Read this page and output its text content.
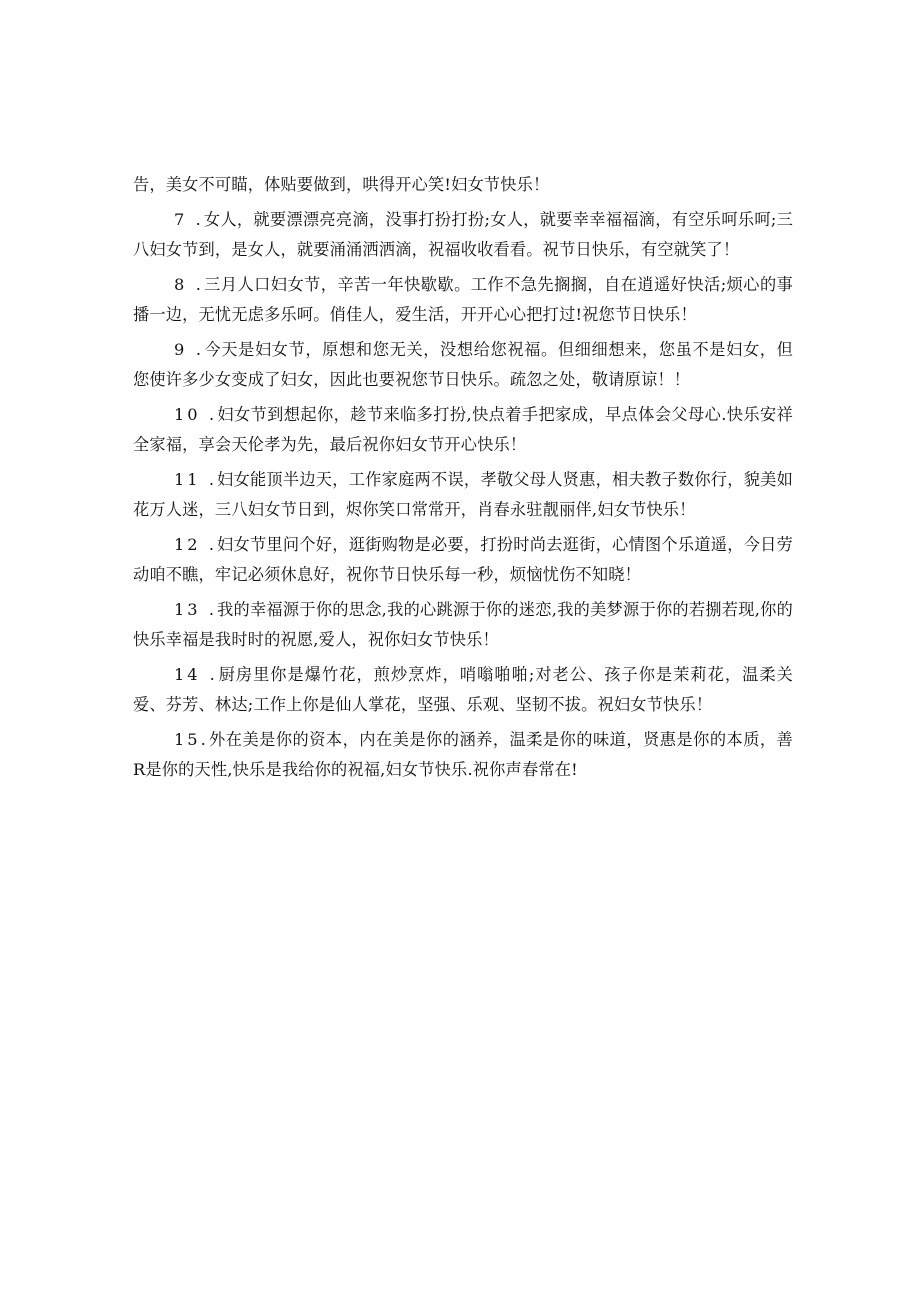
告，美女不可瞄，体贴要做到，哄得开心笑!妇女节快乐！

7 .女人，就要漂漂亮亮滴，没事打扮打扮;女人，就要幸幸福福滴，有空乐呵乐呵;三八妇女节到，是女人，就要涌涌洒洒滴，祝福收收看看。祝节日快乐，有空就笑了！

8 .三月人口妇女节，辛苦一年快歇歇。工作不急先搁搁，自在逍遥好快活;烦心的事播一边，无忧无虑多乐呵。俏佳人，爱生活，开开心心把打过!祝您节日快乐！

9 .今天是妇女节，原想和您无关，没想给您祝福。但细细想来，您虽不是妇女，但您使许多少女变成了妇女，因此也要祝您节日快乐。疏忽之处，敬请原谅！！

10 .妇女节到想起你，趁节来临多打扮,快点着手把家成，早点体会父母心.快乐安祥全家福，享会天伦孝为先，最后祝你妇女节开心快乐！

11 .妇女能顶半边天，工作家庭两不误，孝敬父母人贤惠，相夫教子数你行，貌美如花万人迷，三八妇女节日到，烬你笑口常常开，肖春永驻靓丽伴,妇女节快乐！

12 .妇女节里问个好，逛街购物是必要，打扮时尚去逛街，心情图个乐道遥，今日劳动咱不瞧，牢记必须休息好，祝你节日快乐每一秒，烦恼忧伤不知晓！

13 .我的幸福源于你的思念,我的心跳源于你的迷恋,我的美梦源于你的若捌若现,你的快乐幸福是我时时的祝愿,爱人，祝你妇女节快乐！

14 .厨房里你是爆竹花，煎炒烹炸，哨嗡啪啪;对老公、孩子你是茉莉花，温柔关爱、芬芳、林达;工作上你是仙人掌花，坚强、乐观、坚韧不拔。祝妇女节快乐！

15.外在美是你的资本，内在美是你的涵养，温柔是你的味道，贤惠是你的本质，善R是你的天性,快乐是我给你的祝福,妇女节快乐.祝你声春常在!
